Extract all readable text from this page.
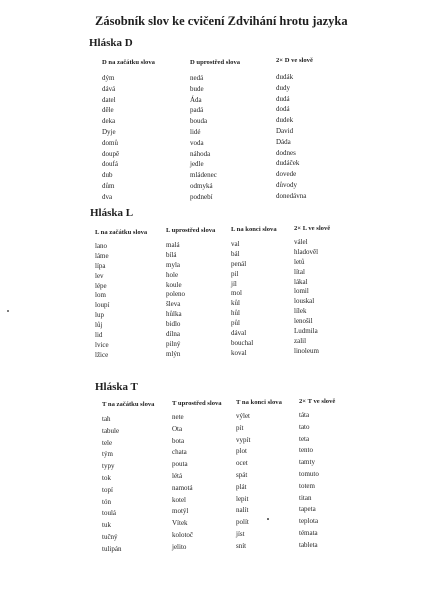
Zásobník slov ke cvičení Zdvihání hrotu jazyka
Hláska D
D na začátku slova
dým
dává
datel
děle
deka
Dyje
domů
doupě
doufá
dub
dům
dva
D uprostřed slova
nedá
bude
Áda
padá
bouda
lidé
voda
náhoda
jedle
mládenec
odmyká
podnebí
2× D ve slově
dudák
dudy
dudá
dodá
dudek
David
Dáda
dodnes
dudáček
dovede
důvody
donedávna
Hláska L
L na začátku slova
lano
láme
lípa
lev
lépe
lom
loupí
lup
lůj
lid
lvice
lžice
L uprostřed slova
malá
bílá
myla
hole
koule
poleno
šleva
hůlka
bidlo
dílna
pilný
mlýn
L na konci slova
val
bál
penál
pil
jíl
mol
kůl
hůl
půl
dával
bouchal
koval
2× L ve slově
válel
hladověl
letů
lítal
lákal
lomil
louskal
lílek
lenošil
Ludmila
zalil
linoleum
Hláska T
T na začátku slova
tah
tabule
tele
tým
typy
tok
topí
tón
toulá
tuk
tučný
tulipán
T uprostřed slova
nete
Ota
bota
chata
pouta
létá
namotá
kotel
motýl
Vítek
kolotoč
jelito
T na konci slova
výlet
pít
vypít
plot
ocet
spát
plát
lepit
nalít
polít
jíst
snít
2× T ve slově
táta
tato
teta
tento
tamty
tomuto
totem
titan
tapeta
teplota
témata
tableta
